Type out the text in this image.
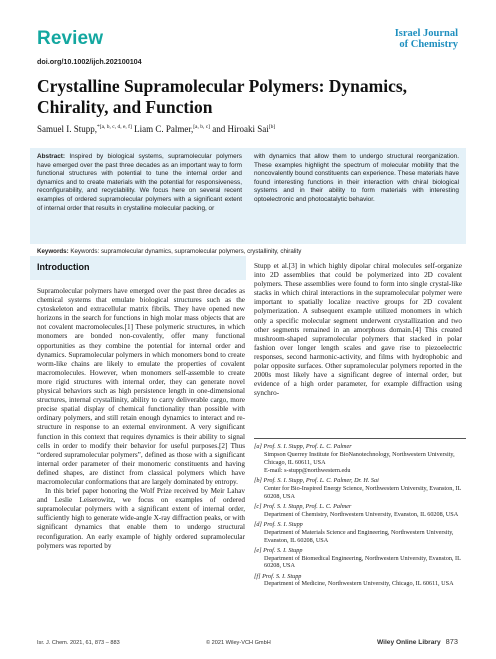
Review	Israel Journal
of Chemistry
doi.org/10.1002/ijch.202100104
Crystalline Supramolecular Polymers: Dynamics, Chirality, and Function
Samuel I. Stupp,$^{*[a, b, c, d, e, f]}$ Liam C. Palmer,[a, b, c] and Hiroaki Sai[b]
Abstract: Inspired by biological systems, supramolecular polymers have emerged over the past three decades as an important way to form functional structures with potential to tune the internal order and dynamics and to create materials with the potential for responsiveness, reconfigurability, and recyclability. We focus here on several recent examples of ordered supramolecular polymers with a significant extent of internal order that results in crystalline molecular packing, or
with dynamics that allow them to undergo structural reorganization. These examples highlight the spectrum of molecular mobility that the noncovalently bound constituents can experience. These materials have found interesting functions in their interaction with chiral biological systems and in their ability to form materials with interesting optoelectronic and photocatalytic behavior.
Keywords: Keywords: supramolecular dynamics, supramolecular polymers, crystallinity, chirality
Introduction

Supramolecular polymers have emerged over the past three decades as chemical systems that emulate biological structures such as the cytoskeleton and extracellular matrix fibrils. They have opened new horizons in the search for functions in high molar mass objects that are not covalent macromolecules.[1] These polymeric structures, in which monomers are bonded non-covalently, offer many functional opportunities as they combine the potential for internal order and dynamics. Supramolecular polymers in which monomers bond to create worm-like chains are likely to emulate the properties of covalent macromolecules. However, when monomers self-assemble to create more rigid structures with internal order, they can generate novel physical behaviors such as high persistence length in one-dimensional structures, internal crystallinity, ability to carry deliverable cargo, more precise spatial display of chemical functionality than possible with ordinary polymers, and still retain enough dynamics to interact and re-structure in response to an external environment. A very significant function in this context that requires dynamics is their ability to signal cells in order to modify their behavior for useful purposes.[2] Thus “ordered supramolecular polymers”, defined as those with a significant internal order parameter of their monomeric constituents and having defined shapes, are distinct from classical polymers which have macromolecular conformations that are largely dominated by entropy.

In this brief paper honoring the Wolf Prize received by Meir Lahav and Leslie Leiserowitz, we focus on examples of ordered supramolecular polymers with a significant extent of internal order, sufficiently high to generate wide-angle X-ray diffraction peaks, or with significant dynamics that enable them to undergo structural reconfiguration. An early example of highly ordered supramolecular polymers was reported by

Stupp et al.[3] in which highly dipolar chiral molecules self-organize into 2D assemblies that could be polymerized into 2D covalent polymers. These assemblies were found to form into single crystal-like stacks in which chiral interactions in the supramolecular polymer were important to spatially localize reactive groups for 2D covalent polymerization. A subsequent example utilized monomers in which only a specific molecular segment underwent crystallization and two other segments remained in an amorphous domain.[4] This created mushroom-shaped supramolecular polymers that stacked in polar fashion over longer length scales and gave rise to piezoelectric responses, second harmonic-activity, and films with hydrophobic and polar opposite surfaces. Other supramolecular polymers reported in the 2000s most likely have a significant degree of internal order, but evidence of a high order parameter, for example diffraction using synchro-

[a] Prof. S. I. Stupp, Prof. L. C. Palmer
Simpson Querrey Institute for BioNanotechnology, Northwestern University, Chicago, IL 60611, USA
E-mail: s-stupp@northwestern.edu
[b] Prof. S. I. Stupp, Prof. L. C. Palmer, Dr. H. Sai
Center for Bio-Inspired Energy Science, Northwestern University, Evanston, IL 60208, USA
[c] Prof. S. I. Stupp, Prof. L. C. Palmer
Department of Chemistry, Northwestern University, Evanston, IL 60208, USA
[d] Prof. S. I. Stupp
Department of Materials Science and Engineering, Northwestern University, Evanston, IL 60208, USA
[e] Prof. S. I. Stupp
Department of Biomedical Engineering, Northwestern University, Evanston, IL 60208, USA
[f] Prof. S. I. Stupp
Department of Medicine, Northwestern University, Chicago, IL 60611, USA
Isr. J. Chem. 2021, 61, 873 – 883	© 2021 Wiley-VCH GmbH	Wiley Online Library 873
